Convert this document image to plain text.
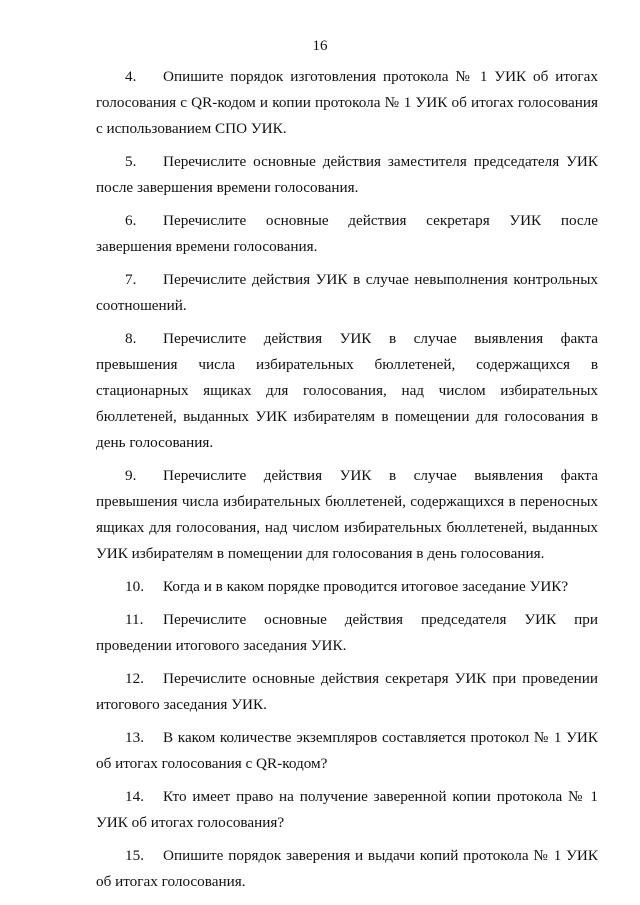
16

4. Опишите порядок изготовления протокола № 1 УИК об итогах голосования с QR-кодом и копии протокола № 1 УИК об итогах голосования с использованием СПО УИК.

5. Перечислите основные действия заместителя председателя УИК после завершения времени голосования.

6. Перечислите основные действия секретаря УИК после завершения времени голосования.

7. Перечислите действия УИК в случае невыполнения контрольных соотношений.

8. Перечислите действия УИК в случае выявления факта превышения числа избирательных бюллетеней, содержащихся в стационарных ящиках для голосования, над числом избирательных бюллетеней, выданных УИК избирателям в помещении для голосования в день голосования.

9. Перечислите действия УИК в случае выявления факта превышения числа избирательных бюллетеней, содержащихся в переносных ящиках для голосования, над числом избирательных бюллетеней, выданных УИК избирателям в помещении для голосования в день голосования.

10. Когда и в каком порядке проводится итоговое заседание УИК?

11. Перечислите основные действия председателя УИК при проведении итогового заседания УИК.

12. Перечислите основные действия секретаря УИК при проведении итогового заседания УИК.

13. В каком количестве экземпляров составляется протокол № 1 УИК об итогах голосования с QR-кодом?

14. Кто имеет право на получение заверенной копии протокола № 1 УИК об итогах голосования?

15. Опишите порядок заверения и выдачи копий протокола № 1 УИК об итогах голосования.
